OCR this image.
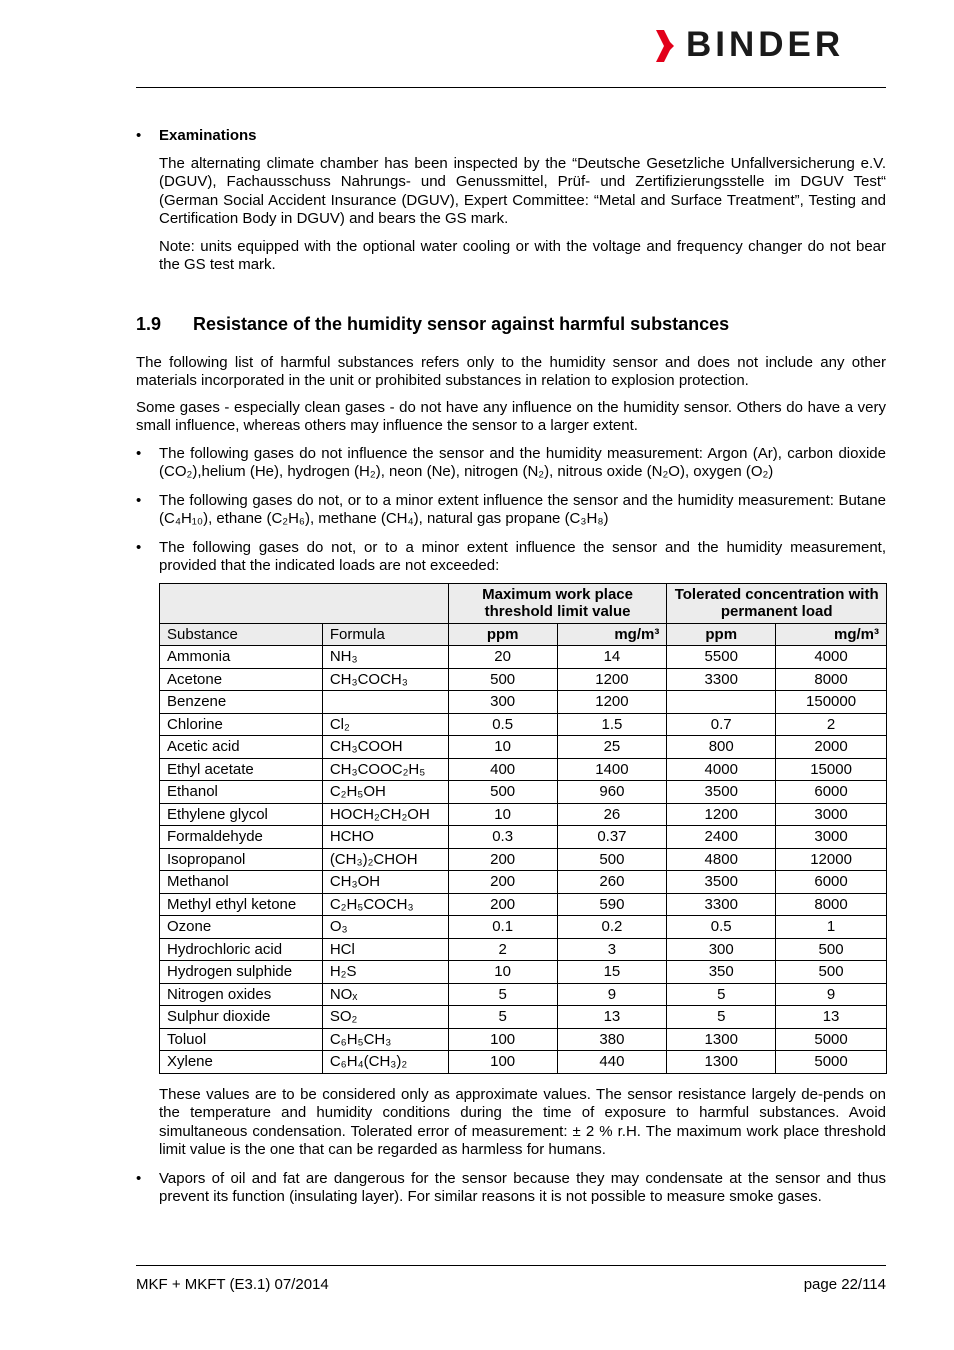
BINDER
• Examinations

The alternating climate chamber has been inspected by the “Deutsche Gesetzliche Unfallversicherung e.V. (DGUV), Fachausschuss Nahrungs- und Genussmittel, Prüf- und Zertifizierungsstelle im DGUV Test“ (German Social Accident Insurance (DGUV), Expert Committee: “Metal and Surface Treatment”, Testing and Certification Body in DGUV) and bears the GS mark.

Note: units equipped with the optional water cooling or with the voltage and frequency changer do not bear the GS test mark.

1.9 Resistance of the humidity sensor against harmful substances

The following list of harmful substances refers only to the humidity sensor and does not include any other materials incorporated in the unit or prohibited substances in relation to explosion protection.

Some gases - especially clean gases - do not have any influence on the humidity sensor. Others do have a very small influence, whereas others may influence the sensor to a larger extent.

• The following gases do not influence the sensor and the humidity measurement: Argon (Ar), carbon dioxide (CO₂),helium (He), hydrogen (H₂), neon (Ne), nitrogen (N₂), nitrous oxide (N₂O), oxygen (O₂)

• The following gases do not, or to a minor extent influence the sensor and the humidity measurement: Butane (C₄H₁₀), ethane (C₂H₆), methane (CH₄), natural gas propane (C₃H₈)

• The following gases do not, or to a minor extent influence the sensor and the humidity measurement, provided that the indicated loads are not exceeded:

		Maximum work place threshold limit value		Tolerated concentration with permanent load	
Substance	Formula	ppm	mg/m³	ppm	mg/m³
Ammonia	NH₃	20	14	5500	4000
Acetone	CH₃COCH₃	500	1200	3300	8000
Benzene		300	1200		150000
Chlorine	Cl₂	0.5	1.5	0.7	2
Acetic acid	CH₃COOH	10	25	800	2000
Ethyl acetate	CH₃COOC₂H₅	400	1400	4000	15000
Ethanol	C₂H₅OH	500	960	3500	6000
Ethylene glycol	HOCH₂CH₂OH	10	26	1200	3000
Formaldehyde	HCHO	0.3	0.37	2400	3000
Isopropanol	(CH₃)₂CHOH	200	500	4800	12000
Methanol	CH₃OH	200	260	3500	6000
Methyl ethyl ketone	C₂H₅COCH₃	200	590	3300	8000
Ozone	O₃	0.1	0.2	0.5	1
Hydrochloric acid	HCl	2	3	300	500
Hydrogen sulphide	H₂S	10	15	350	500
Nitrogen oxides	NOₓ	5	9	5	9
Sulphur dioxide	SO₂	5	13	5	13
Toluol	C₆H₅CH₃	100	380	1300	5000
Xylene	C₆H₄(CH₃)₂	100	440	1300	5000

These values are to be considered only as approximate values. The sensor resistance largely de-pends on the temperature and humidity conditions during the time of exposure to harmful substances. Avoid simultaneous condensation. Tolerated error of measurement: ± 2 % r.H. The maximum work place threshold limit value is the one that can be regarded as harmless for humans.

• Vapors of oil and fat are dangerous for the sensor because they may condensate at the sensor and thus prevent its function (insulating layer). For similar reasons it is not possible to measure smoke gases.

MKF + MKFT (E3.1) 07/2014	page 22/114
